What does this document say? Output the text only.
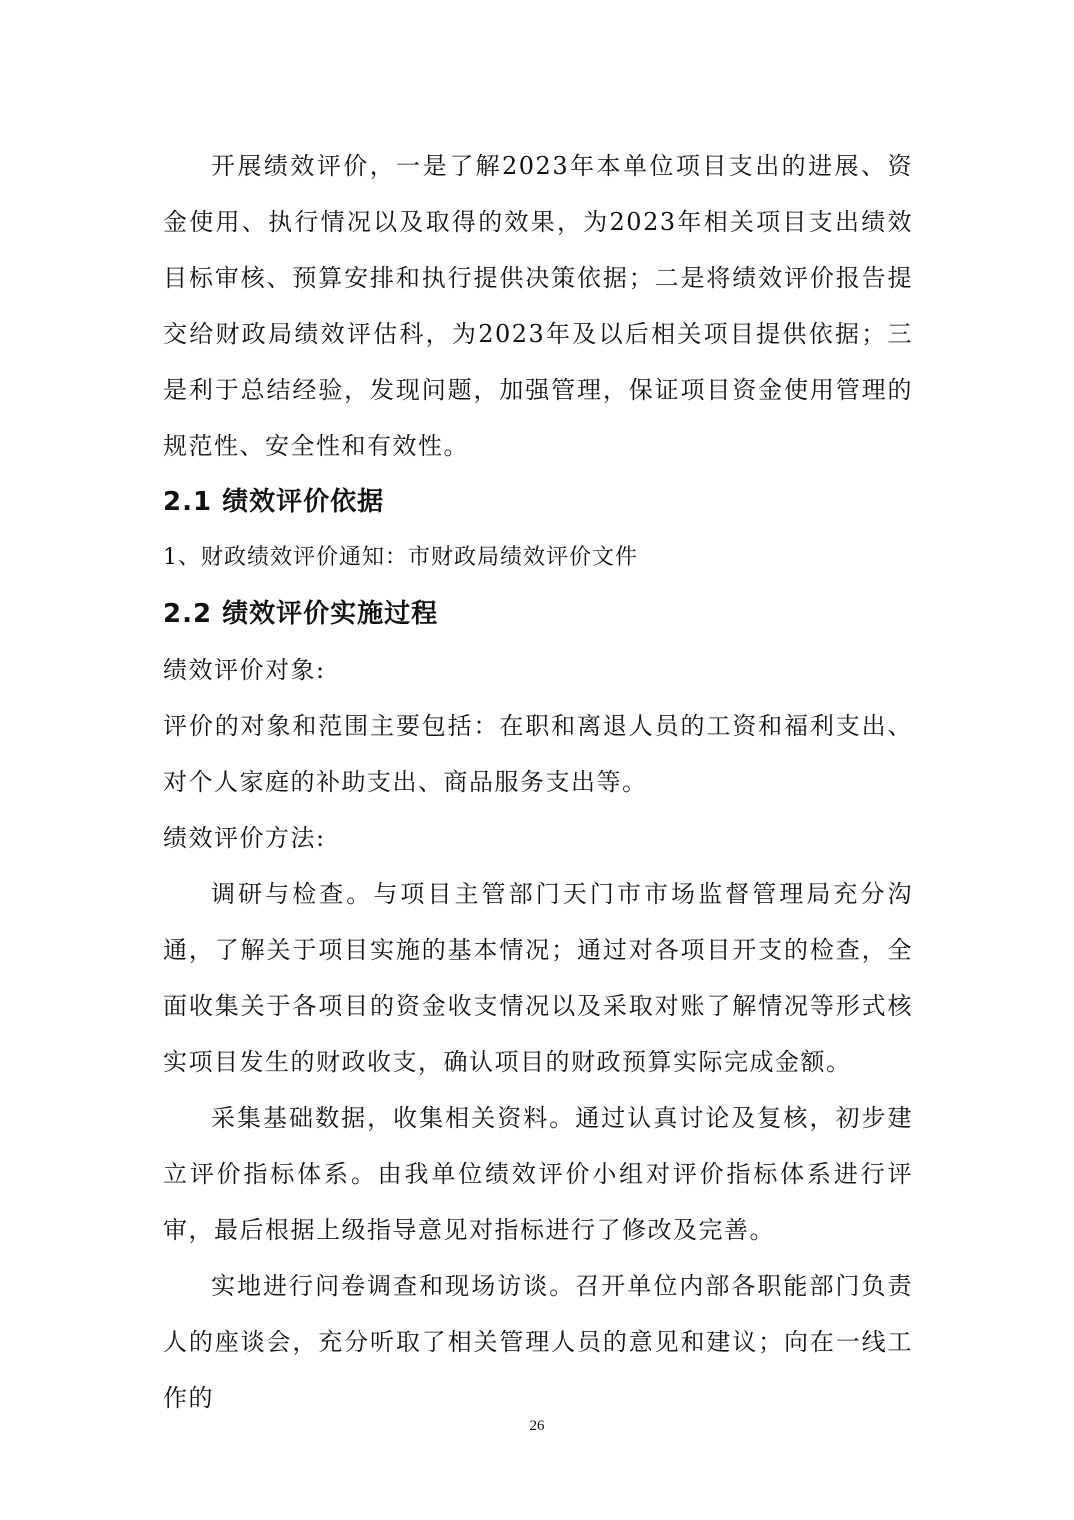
开展绩效评价，一是了解2023年本单位项目支出的进展、资金使用、执行情况以及取得的效果，为2023年相关项目支出绩效目标审核、预算安排和执行提供决策依据；二是将绩效评价报告提交给财政局绩效评估科，为2023年及以后相关项目提供依据；三是利于总结经验，发现问题，加强管理，保证项目资金使用管理的规范性、安全性和有效性。

2.1 绩效评价依据

1、财政绩效评价通知：市财政局绩效评价文件

2.2 绩效评价实施过程

绩效评价对象:

评价的对象和范围主要包括：在职和离退人员的工资和福利支出、对个人家庭的补助支出、商品服务支出等。

绩效评价方法:

调研与检查。与项目主管部门天门市市场监督管理局充分沟通，了解关于项目实施的基本情况；通过对各项目开支的检查，全面收集关于各项目的资金收支情况以及采取对账了解情况等形式核实项目发生的财政收支，确认项目的财政预算实际完成金额。

采集基础数据，收集相关资料。通过认真讨论及复核，初步建立评价指标体系。由我单位绩效评价小组对评价指标体系进行评审，最后根据上级指导意见对指标进行了修改及完善。

实地进行问卷调查和现场访谈。召开单位内部各职能部门负责人的座谈会，充分听取了相关管理人员的意见和建议；向在一线工作的

26
